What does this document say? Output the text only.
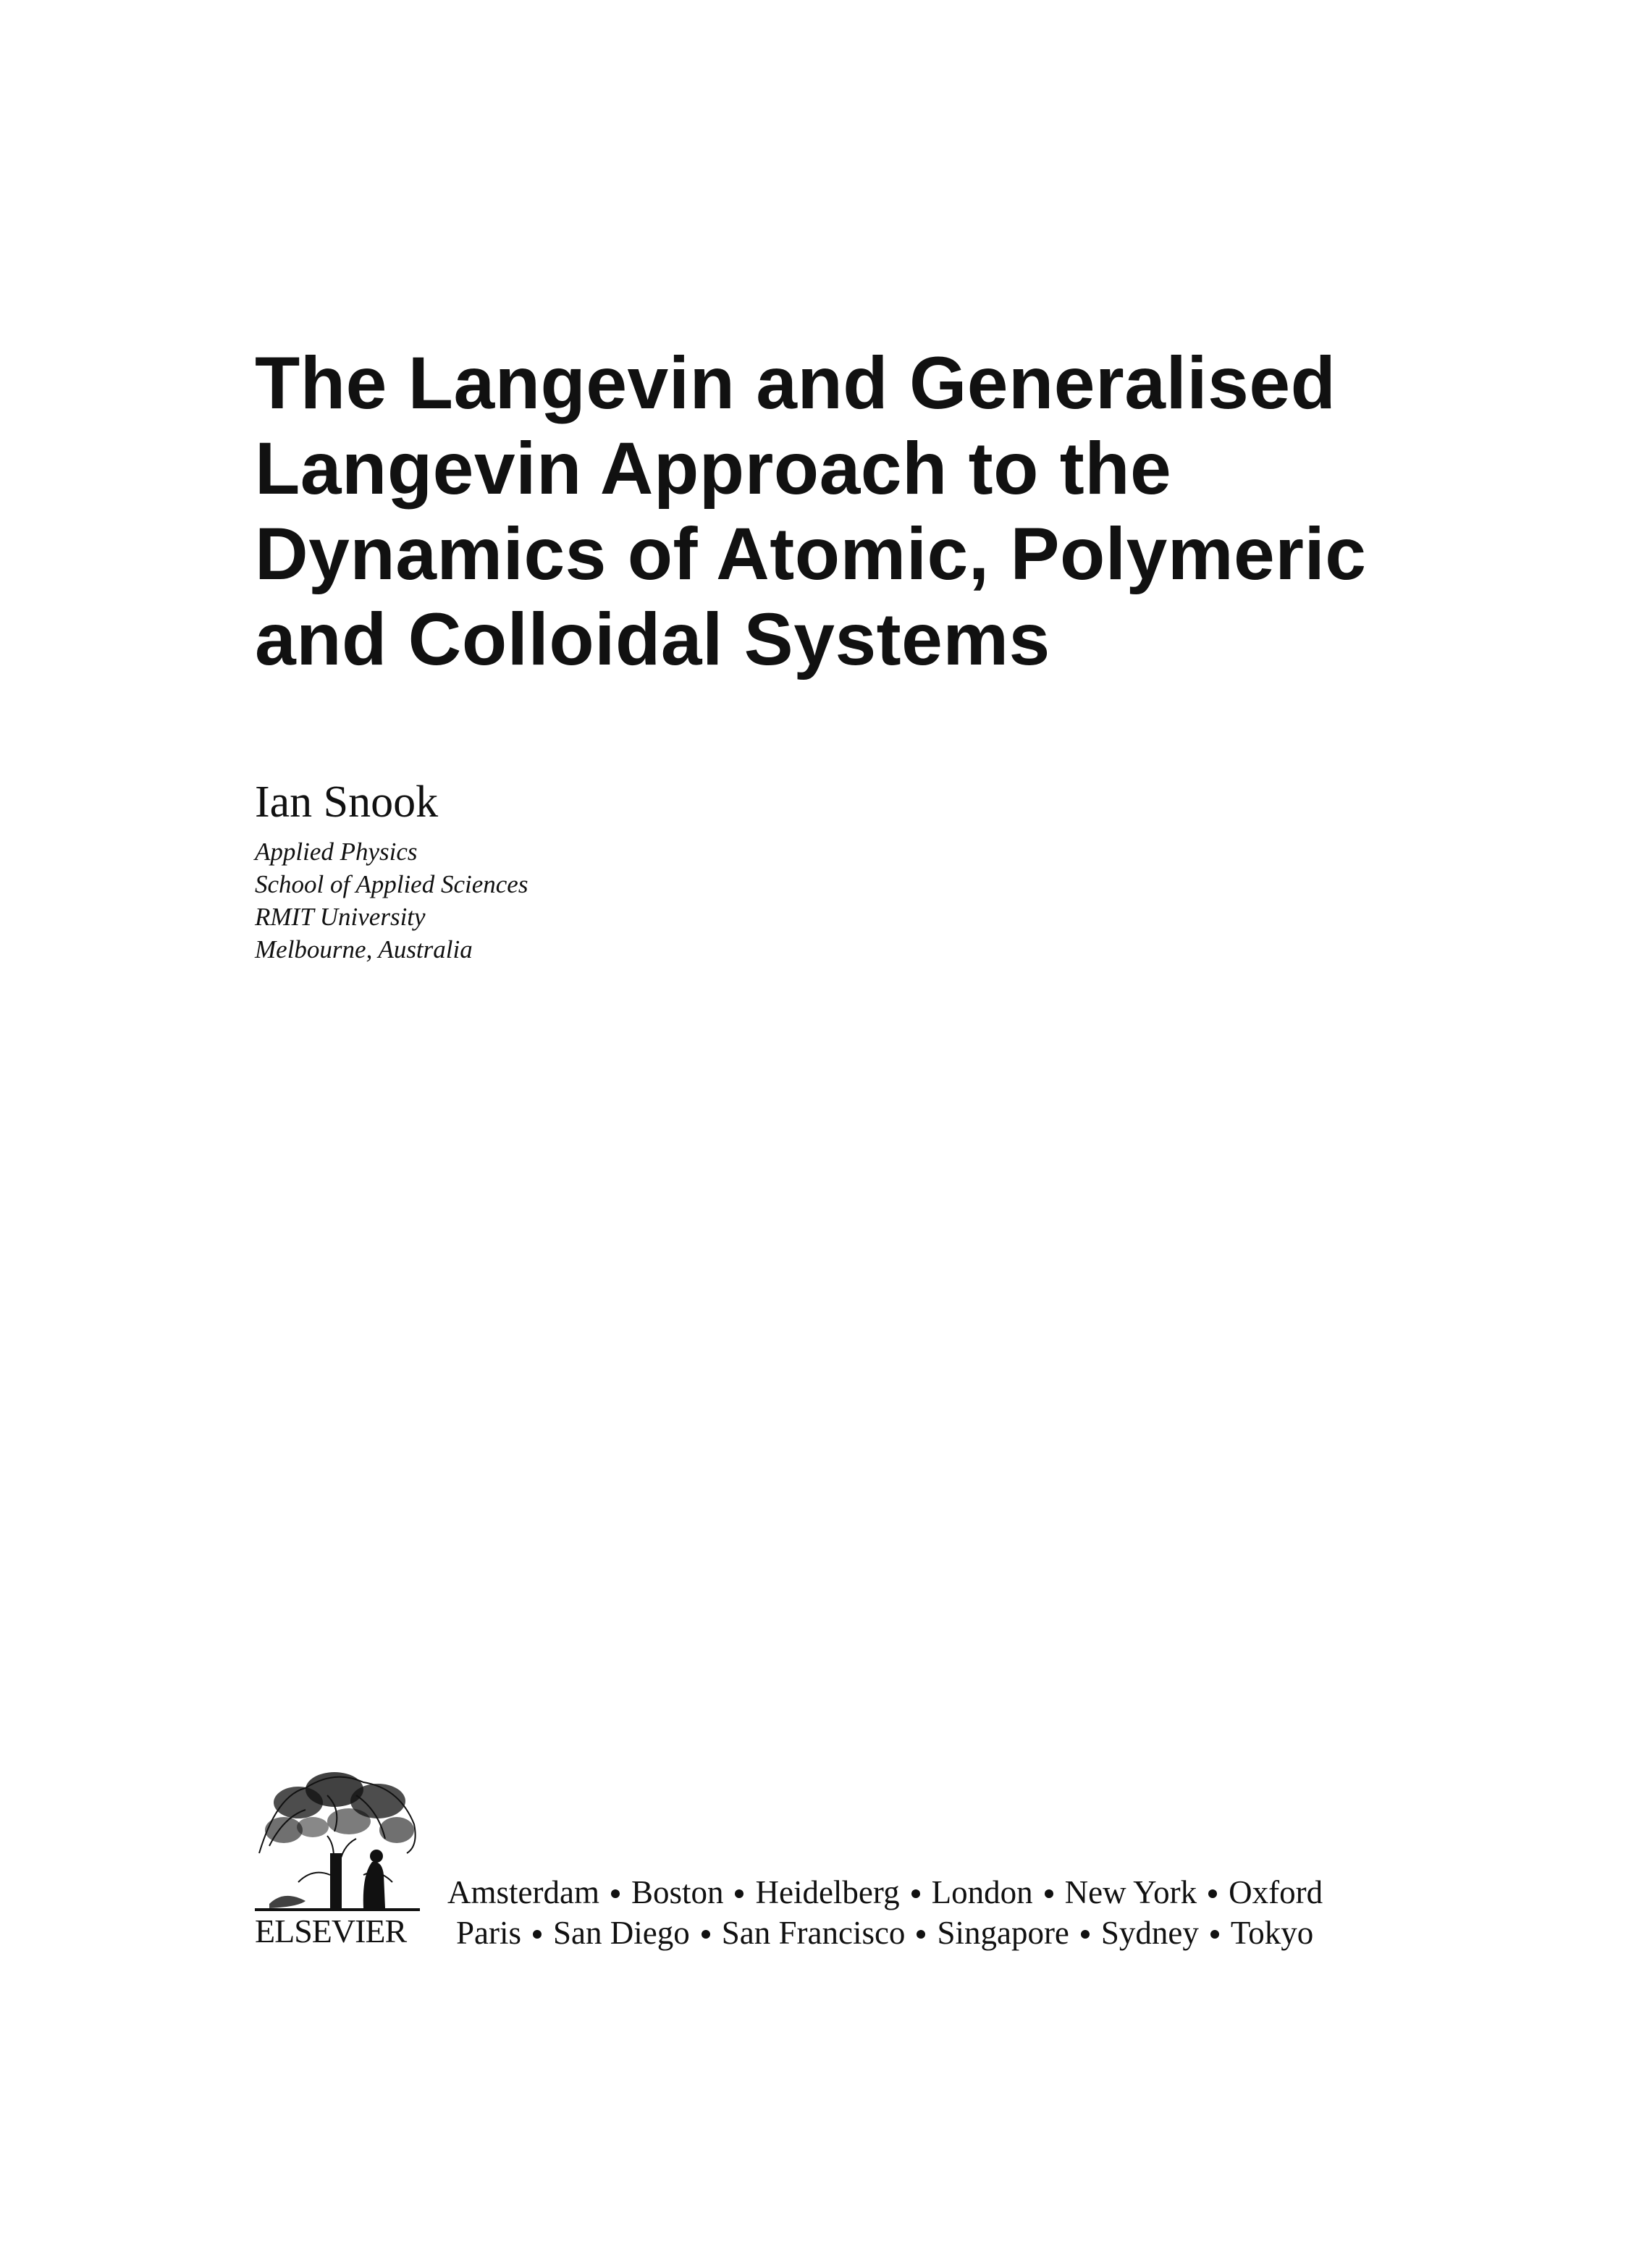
The Langevin and Generalised
Langevin Approach to the
Dynamics of Atomic, Polymeric
and Colloidal Systems
Ian Snook
Applied Physics
School of Applied Sciences
RMIT University
Melbourne, Australia
ELSEVIER
Amsterdam Boston Heidelberg London New York Oxford
Paris San Diego San Francisco Singapore Sydney Tokyo
